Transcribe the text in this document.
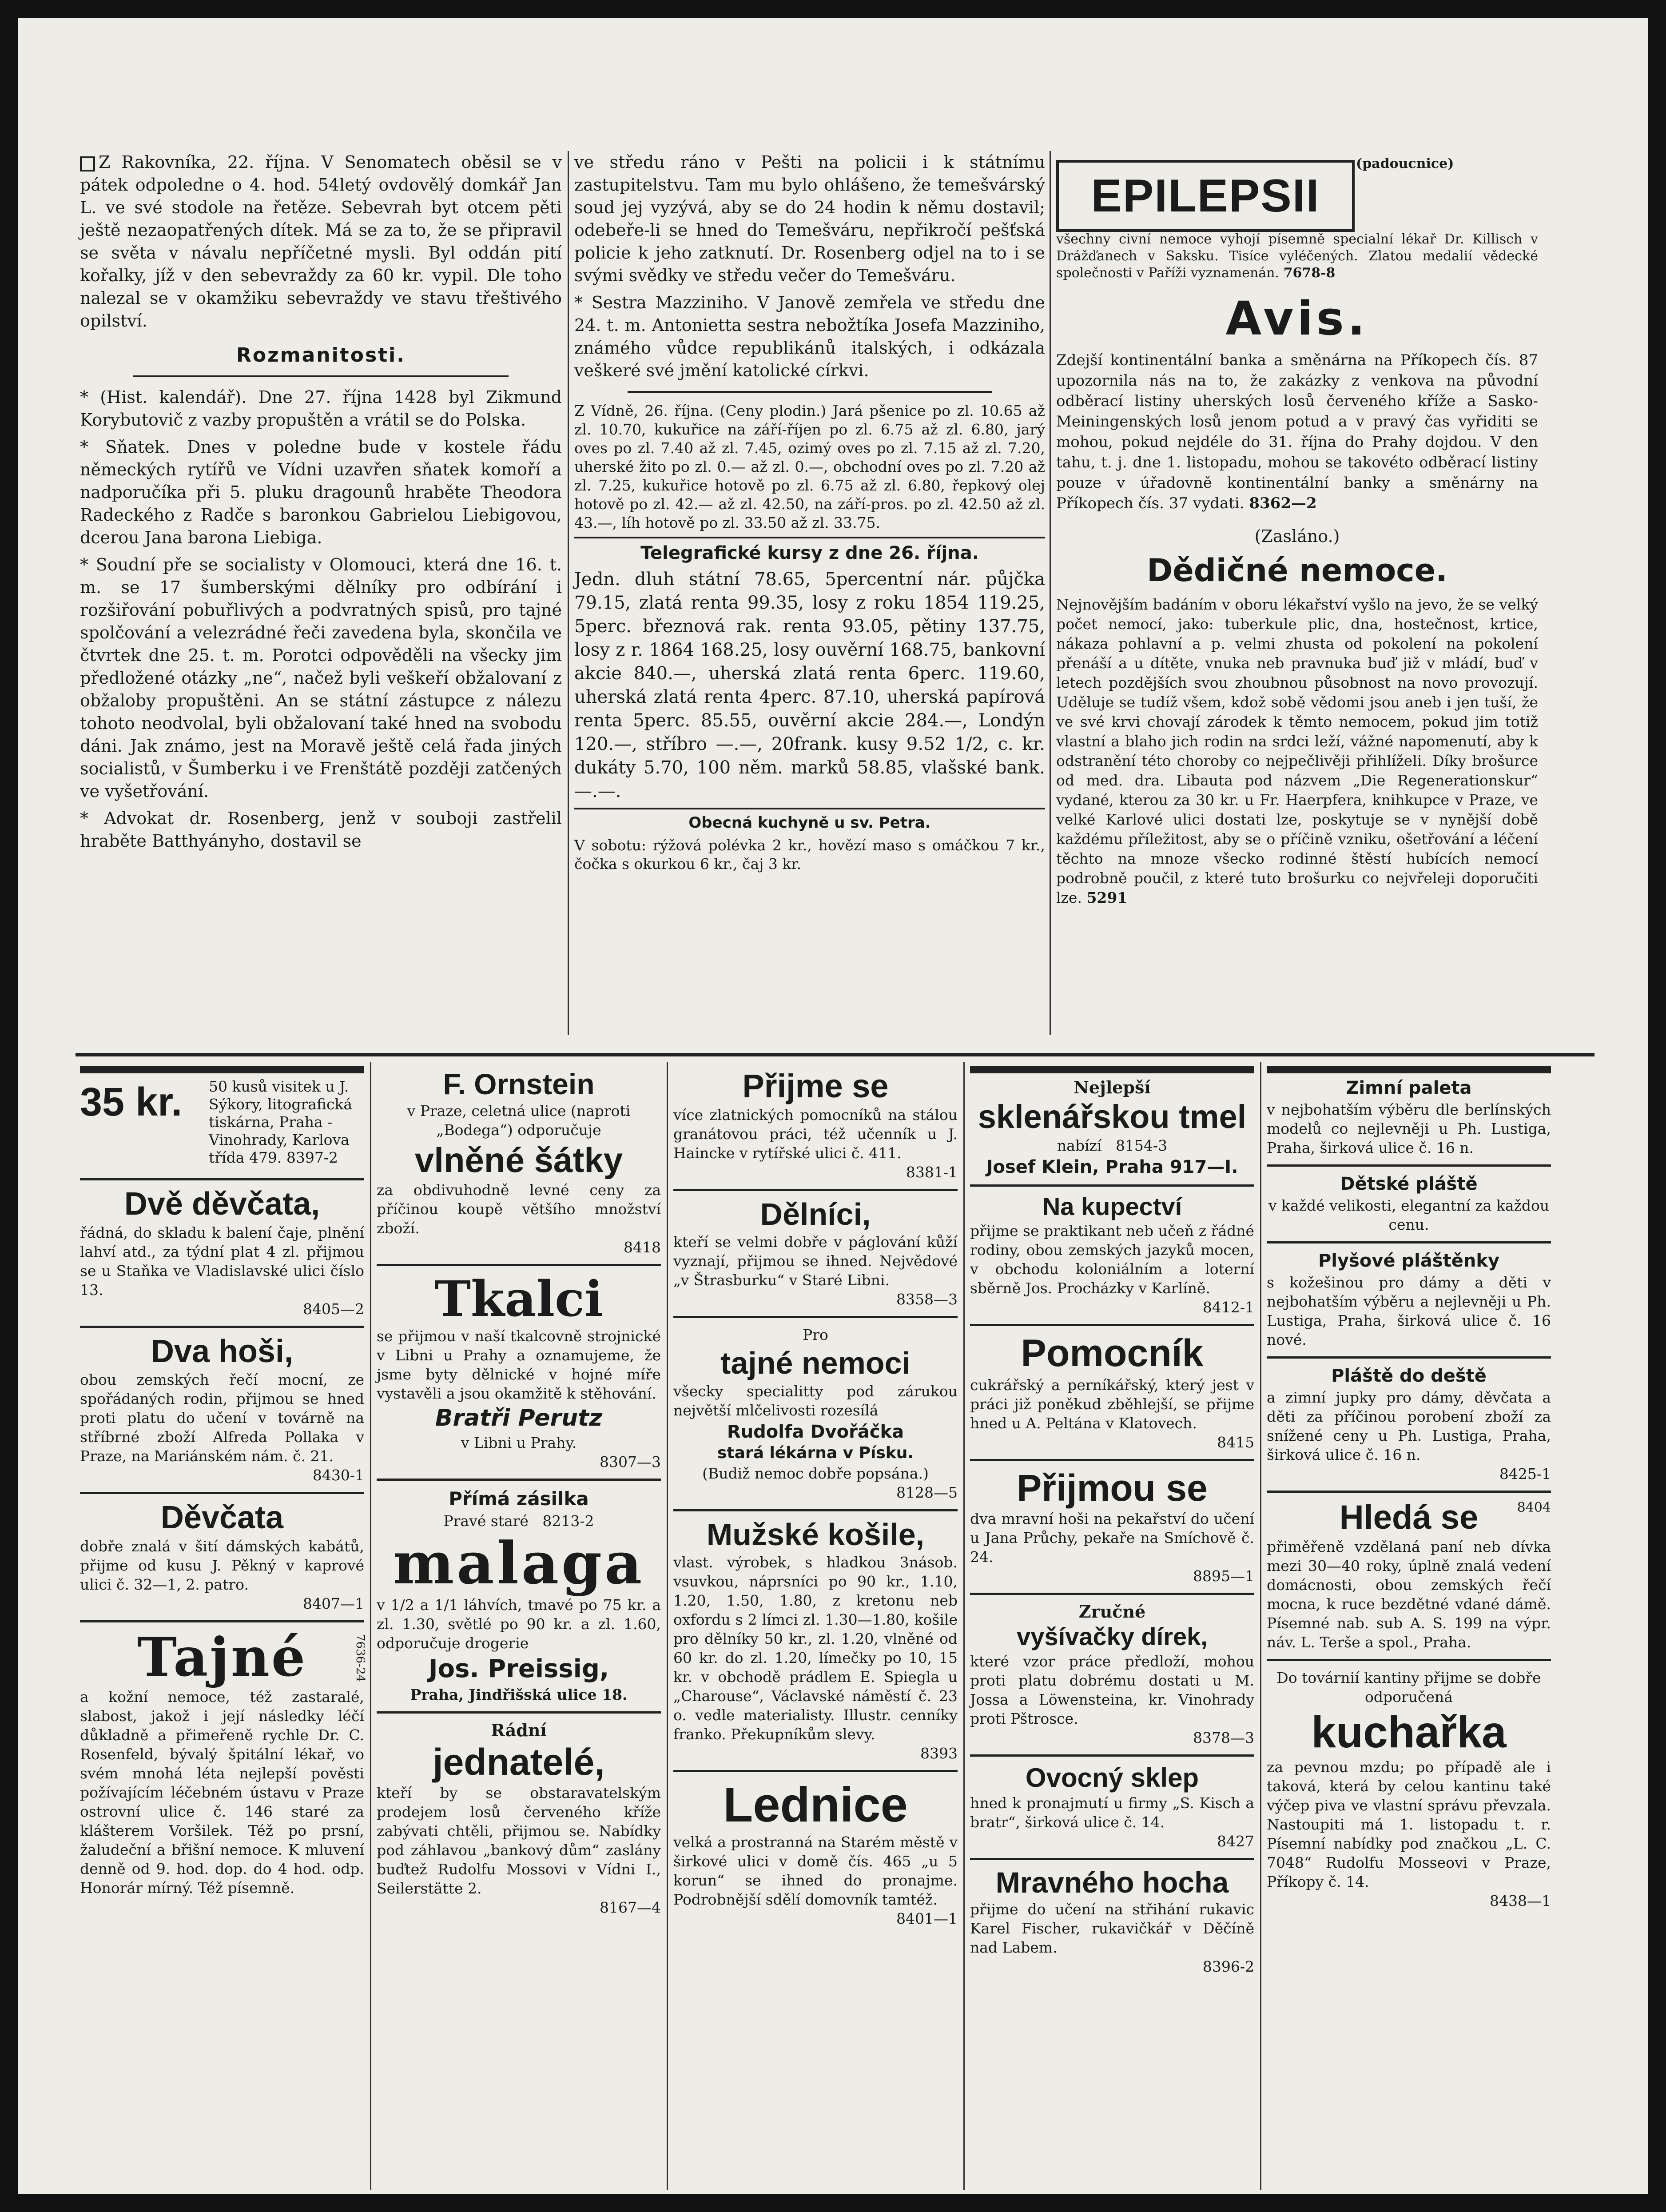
Z Rakovníka, 22. října. V Senomatech oběsil se v pátek odpoledne o 4. hod. 54letý ovdovělý domkář Jan L. ve své stodole na řetěze. Sebevrah byt otcem pěti ještě nezaopatřených dítek. Má se za to, že se připravil se světa v návalu nepříčetné mysli. Byl oddán pití kořalky, jíž v den sebevraždy za 60 kr. vypil. Dle toho nalezal se v okamžiku sebevraždy ve stavu třeštivého opilství.

Rozmanitosti.

* (Hist. kalendář). Dne 27. října 1428 byl Zikmund Korybutovič z vazby propuštěn a vrátil se do Polska.

* Sňatek. Dnes v poledne bude v kostele řádu německých rytířů ve Vídni uzavřen sňatek komoří a nadporučíka při 5. pluku dragounů hraběte Theodora Radeckého z Radče s baronkou Gabrielou Liebigovou, dcerou Jana barona Liebiga.

* Soudní pře se socialisty v Olomouci, která dne 16. t. m. se 17 šumberskými dělníky pro odbírání i rozšiřování pobuřlivých a podvratných spisů, pro tajné spolčování a velezrádné řeči zavedena byla, skončila ve čtvrtek dne 25. t. m. Porotci odpověděli na všecky jim předložené otázky „ne“, načež byli veškeří obžalovaní z obžaloby propuštěni. An se státní zástupce z nálezu tohoto neodvolal, byli obžalovaní také hned na svobodu dáni. Jak známo, jest na Moravě ještě celá řada jiných socialistů, v Šumberku i ve Frenštátě později zatčených ve vyšetřování.

* Advokat dr. Rosenberg, jenž v souboji zastřelil hraběte Batthyányho, dostavil se

ve středu ráno v Pešti na policii i k státnímu zastupitelstvu. Tam mu bylo ohlášeno, že temešvárský soud jej vyzývá, aby se do 24 hodin k němu dostavil; odebeře-li se hned do Temešváru, nepřikročí pešťská policie k jeho zatknutí. Dr. Rosenberg odjel na to i se svými svědky ve středu večer do Temešváru.

* Sestra Mazziniho. V Janově zemřela ve středu dne 24. t. m. Antonietta sestra nebožtíka Josefa Mazziniho, známého vůdce republikánů italských, i odkázala veškeré své jmění katolické církvi.

Z Vídně, 26. října. (Ceny plodin.) Jará pšenice po zl. 10.65 až zl. 10.70, kukuřice na září-říjen po zl. 6.75 až zl. 6.80, jarý oves po zl. 7.40 až zl. 7.45, ozimý oves po zl. 7.15 až zl. 7.20, uherské žito po zl. 0.— až zl. 0.—, obchodní oves po zl. 7.20 až zl. 7.25, kukuřice hotově po zl. 6.75 až zl. 6.80, řepkový olej hotově po zl. 42.— až zl. 42.50, na září-pros. po zl. 42.50 až zl. 43.—, líh hotově po zl. 33.50 až zl. 33.75.

Telegrafické kursy z dne 26. října.

Jedn. dluh státní 78.65, 5percentní nár. půjčka 79.15, zlatá renta 99.35, losy z roku 1854 119.25, 5perc. březnová rak. renta 93.05, pětiny 137.75, losy z r. 1864 168.25, losy ouvěrní 168.75, bankovní akcie 840.—, uherská zlatá renta 6perc. 119.60, uherská zlatá renta 4perc. 87.10, uherská papírová renta 5perc. 85.55, ouvěrní akcie 284.—, Londýn 120.—, stříbro —.—, 20frank. kusy 9.52 1/2, c. kr. dukáty 5.70, 100 něm. marků 58.85, vlašské bank. —.—.

Obecná kuchyně u sv. Petra.

V sobotu: rýžová polévka 2 kr., hovězí maso s omáčkou 7 kr., čočka s okurkou 6 kr., čaj 3 kr.

EPILEPSII
(padoucnice)
všechny civní nemoce vyhojí písemně specialní lékař Dr. Killisch v Drážďanech v Saksku. Tisíce vyléčených. Zlatou medalií vědecké společnosti v Paříži vyznamenán. 7678-8
Avis.

Zdejší kontinentální banka a směnárna na Příkopech čís. 87 upozornila nás na to, že zakázky z venkova na původní odběrací listiny uherských losů červeného kříže a Sasko-Meiningenských losů jenom potud a v pravý čas vyřiditi se mohou, pokud nejdéle do 31. října do Prahy dojdou. V den tahu, t. j. dne 1. listopadu, mohou se takovéto odběrací listiny pouze v úřadovně kontinentální banky a směnárny na Příkopech čís. 37 vydati. 8362—2

(Zasláno.)

Dědičné nemoce.

Nejnovějším badáním v oboru lékařství vyšlo na jevo, že se velký počet nemocí, jako: tuberkule plic, dna, hostečnost, krtice, nákaza pohlavní a p. velmi zhusta od pokolení na pokolení přenáší a u dítěte, vnuka neb pravnuka buď již v mládí, buď v letech pozdějších svou zhoubnou působnost na novo provozují. Uděluje se tudíž všem, kdož sobě vědomi jsou aneb i jen tuší, že ve své krvi chovají zárodek k těmto nemocem, pokud jim totiž vlastní a blaho jich rodin na srdci leží, vážné napomenutí, aby k odstranění této choroby co nejpečlivěji přihlíželi. Díky brošurce od med. dra. Libauta pod názvem „Die Regenerationskur“ vydané, kterou za 30 kr. u Fr. Haerpfera, knihkupce v Praze, ve velké Karlové ulici dostati lze, poskytuje se v nynější době každému příležitost, aby se o příčině vzniku, ošetřování a léčení těchto na mnoze všecko rodinné štěstí hubících nemocí podrobně poučil, z které tuto brošurku co nejvřeleji doporučiti lze. 5291

35 kr. 50 kusů visitek u J. Sýkory, litografická tiskárna, Praha - Vinohrady, Karlova třída 479. 8397-2
Dvě děvčata,

řádná, do skladu k balení čaje, plnění lahví atd., za týdní plat 4 zl. přijmou se u Staňka ve Vladislavské ulici číslo 13.

8405—2
Dva hoši,

obou zemských řečí mocní, ze spořádaných rodin, přijmou se hned proti platu do učení v továrně na stříbrné zboží Alfreda Pollaka v Praze, na Mariánském nám. č. 21.

8430-1
Děvčata

dobře znalá v šití dámských kabátů, přijme od kusu J. Pěkný v kaprové ulici č. 32—1, 2. patro.

8407—1
Tajné	7636-24

a kožní nemoce, též zastaralé, slabost, jakož i její následky léčí důkladně a přimeřeně rychle Dr. C. Rosenfeld, bývalý špitální lékař, vo svém mnohá léta nejlepší pověsti požívajícím léčebném ústavu v Praze ostrovní ulice č. 146 staré za klášterem Voršilek. Též po prsní, žaludeční a břišní nemoce. K mluvení denně od 9. hod. dop. do 4 hod. odp. Honorár mírný. Též písemně.

F. Ornstein

v Praze, celetná ulice (naproti „Bodega“) odporučuje

vlněné šátky

za obdivuhodně levné ceny za příčinou koupě většího množství zboží.

8418
Tkalci

se přijmou v naší tkalcovně strojnické v Libni u Prahy a oznamujeme, že jsme byty dělnické v hojné míře vystavěli a jsou okamžitě k stěhování.

Bratři Perutz

v Libni u Prahy.

8307—3
Přímá zásilka

Pravé staré 8213-2

malaga

v 1/2 a 1/1 láhvích, tmavé po 75 kr. a zl. 1.30, světlé po 90 kr. a zl. 1.60, odporučuje drogerie

Jos. Preissig,

Praha, Jindřišská ulice 18.

Rádní

jednatelé,

kteří by se obstaravatelským prodejem losů červeného kříže zabývati chtěli, přijmou se. Nabídky pod záhlavou „bankový dům“ zaslány buďtež Rudolfu Mossovi v Vídni I., Seilerstätte 2.

8167—4
Přijme se

více zlatnických pomocníků na stálou granátovou práci, též učenník u J. Haincke v rytířské ulici č. 411.

8381-1
Dělníci,

kteří se velmi dobře v páglování kůží vyznají, přijmou se ihned. Nejvědové „v Štrasburku“ v Staré Libni.

8358—3

Pro

tajné nemoci

všecky specialitty pod zárukou největší mlčelivosti rozesílá

Rudolfa Dvořáčka
stará lékárna v Písku.

(Budiž nemoc dobře popsána.)

8128—5
Mužské košile,

vlast. výrobek, s hladkou 3násob. vsuvkou, náprsníci po 90 kr., 1.10, 1.20, 1.50, 1.80, z kretonu neb oxfordu s 2 límci zl. 1.30—1.80, košile pro dělníky 50 kr., zl. 1.20, vlněné od 60 kr. do zl. 1.20, límečky po 10, 15 kr. v obchodě prádlem E. Spiegla u „Charouse“, Václavské náměstí č. 23 o. vedle materialisty. Illustr. cenníky franko. Překupníkům slevy.

8393
Lednice

velká a prostranná na Starém městě v širkové ulici v domě čís. 465 „u 5 korun“ se ihned do pronajme. Podrobnější sdělí domovník tamtéž.

8401—1

Nejlepší

sklenářskou tmel

nabízí 8154-3

Josef Klein, Praha 917—I.
Na kupectví

přijme se praktikant neb učeň z řádné rodiny, obou zemských jazyků mocen, v obchodu koloniálním a loterní sběrně Jos. Procházky v Karlíně.

8412-1
Pomocník

cukrářský a perníkářský, který jest v práci již poněkud zběhlejší, se přijme hned u A. Peltána v Klatovech.

8415
Přijmou se

dva mravní hoši na pekařství do učení u Jana Průchy, pekaře na Smíchově č. 24.

8895—1

Zručné

vyšívačky dírek,

které vzor práce předloží, mohou proti platu dobrému dostati u M. Jossa a Löwensteina, kr. Vinohrady proti Pštrosce.

8378—3
Ovocný sklep

hned k pronajmutí u firmy „S. Kisch a bratr“, širková ulice č. 14.

8427
Mravného hocha

přijme do učení na střihání rukavic Karel Fischer, rukavičkář v Děčíně nad Labem.

8396-2
Zimní paleta

v nejbohatším výběru dle berlínských modelů co nejlevněji u Ph. Lustiga, Praha, širková ulice č. 16 n.

Dětské pláště

v každé velikosti, elegantní za každou cenu.

Plyšové pláštěnky

s kožešinou pro dámy a děti v nejbohatším výběru a nejlevněji u Ph. Lustiga, Praha, širková ulice č. 16 nové.

Pláště do deště

a zimní jupky pro dámy, děvčata a děti za příčinou porobení zboží za snížené ceny u Ph. Lustiga, Praha, širková ulice č. 16 n.

8425-1
Hledá se	8404

přiměřeně vzdělaná paní neb dívka mezi 30—40 roky, úplně znalá vedení domácnosti, obou zemských řečí mocna, k ruce bezdětné vdané dámě. Písemné nab. sub A. S. 199 na výpr. náv. L. Terše a spol., Praha.

Do továrnií kantiny přijme se dobře odporučená

kuchařka

za pevnou mzdu; po případě ale i taková, která by celou kantinu také výčep piva ve vlastní správu převzala. Nastoupiti má 1. listopadu t. r. Písemní nabídky pod značkou „L. C. 7048“ Rudolfu Mosseovi v Praze, Příkopy č. 14.

8438—1
